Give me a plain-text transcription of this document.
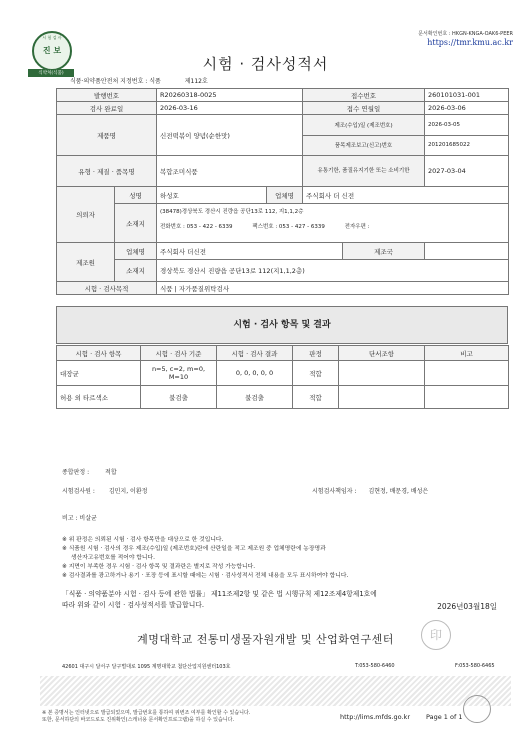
문서확인번호 : HKGN-KNGA-OAK6-PEER
https://tmr.kmu.ac.kr
시 험 검 사
진 보
식약처(식품)
식품·의약품안전처 지정번호 : 식품	제112호
시험 · 검사성적서
발행번호		R20260318-0025		접수번호		260101031-001
검사 완료일		2026-03-16		접수 연월일		2026-03-06
제품명		신전떡볶이 양념(순한맛)		제조(수입)일 (제조번호)		2026-03-05
				품목제조보고(신고)번호		201201685022
유형 · 제질 · 품목명		복합조미식품		유통기한, 품질유지기한 또는 소비기한		2027-03-04
의뢰자	성명	하성호	업체명	주식회사 더 신전		
	소재지	(38478)경상북도 경산시 진량읍 공단13로 112, 지1,1,2층
전화번호 : 053 - 422 - 6339 팩스번호 : 053 - 427 - 6339 전자우편 :				

제조원	업체명	주식회사 더신전			제조국	
	소재지	경상북도 경산시 진량읍 공단13로 112(지1,1,2층)				
시험 · 검사목적		식품 | 자가품질위탁검사				
시험 · 검사 항목 및 결과
시험 · 검사 항목	시험 · 검사 기준	시험 · 검사 결과	판정	단서조항	비고
대장균	n=5, c=2, m=0,
M=10	0, 0, 0, 0, 0	적합		
허용 외 타르색소	불검출	불검출	적합		
종합판정 :	적합
시험검사원 : 김민지, 이환정	시험검사책임자 : 김현정, 배문경, 배성은
비고 : 비살균
※ 위 판정은 의뢰된 시험 · 검사 항목만을 대상으로 한 것입니다.
※ 식품원 시험 · 검사의 경우 제조(수입)일 (제조번호)란에 산란일을 적고 제조원 중 업체명란에 농장명과
생산자고유번호를 적어야 합니다.
※ 지면이 부족한 경우 시험 · 검사 항목 및 결과란은 별지로 작성 가능합니다.
※ 검사결과를 광고하거나 용기 · 포장 등에 표시할 때에는 시험 · 검사성적서 전체 내용을 모두 표시하여야 합니다.
「식품 · 의약품분야 시험 · 검사 등에 관한 법률」 제11조제2항 및 같은 법 시행규칙 제12조제4항제1호에
따라 위와 같이 시험 · 검사성적서를 발급합니다.	2026년03월18일
계명대학교 전통미생물자원개발 및 산업화연구센터	印
42601 대구시 달서구 달구벌대로 1095 계명대학교 첨단산업지원센터103호	T:053-580-6460	F:053-580-6465
※ 본 증명서는 인터넷으로 발급되었으며, 발급번호를 통하여 위변조 여부를 확인할 수 있습니다.
또한, 문서하단의 바코드로도 진위확인(스캐너용 문서확인프로그램)을 하실 수 있습니다.	http://lims.mfds.go.kr Page 1 of 1
